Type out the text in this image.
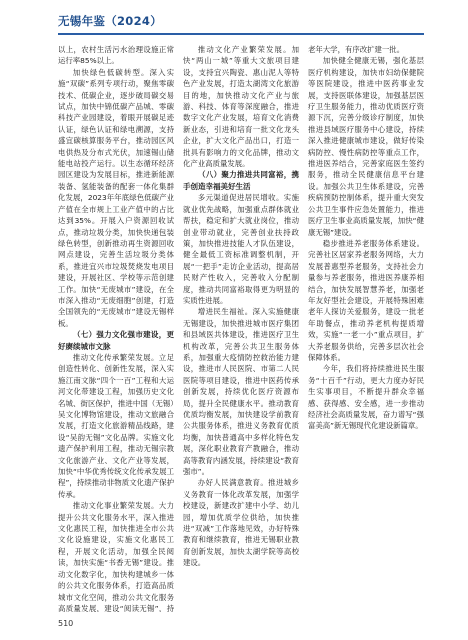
无锡年鉴（2024）

以上，农村生活污水治理设施正常运行率85%以上。

加快绿色低碳转型。深入实施“双碳”系列专项行动，聚焦零碳技术、低碳企业，逐步破局碳交易试点，加快中锦低碳产品城、零碳科技产业园建设，着眼开展碳足迹认证，绿色认证和绿电溯源，支持盛宜碳核算服务平台，推动园区风电供热及分布式光伏，加速锡山储能电站投产运行。以生态循环经济园区建设为发展目标，推进新能源装备、氢能装备的配套一体化集群化发展，2023年年底绿色低碳产业产值在全市规上工业产值中的占比达到35%。开展入户资源回收试点，推动垃圾分类，加快快递包装绿色转型，创新推动再生资源回收网点建设，完善生活垃圾分类体系，推进宜兴市垃圾焚烧发电项目建设，开展社区、学校等示范创建工作。加快“无废城市”建设，在全市深入推动“无废细胞”创建，打造全国领先的“无废城市”建设无锡样板。

（七）强力文化强市建设，更好赓续城市文脉

推动文化传承繁荣发展。立足创造性转化、创新性发展，深入实施江南文脉“四个一百”工程和大运河文化带建设工程，加强历史文化名城、街区保护，推进中国（无锡）吴文化博物馆建设，推动文旅融合发展，打造文化旅游精品线路，建设“吴韵无锡”文化品牌。实施文化遗产保护利用工程，推动无锡宗教文化旅游产业、文化产业等发展，加快“中华优秀传统文化传承发展工程”，持续推动非物质文化遗产保护传承。

推动文化事业繁荣发展。大力提升公共文化服务水平，深入推进文化惠民工程，加快推进全市公共文化设施建设，实施文化惠民工程，开展文化活动，加强全民阅读，加快实施“书香无锡”建设。推动文化数字化，加快构建城乡一体的公共文化服务体系，打造高品质城市文化空间，推动公共文化服务高质量发展，建设“阅读无锡”，持

推动文化产业繁荣发展。加快“两山一城”等重大文旅项目建设，支持宜兴陶瓷、惠山泥人等特色产业发展，打造太湖湾文化旅游目的地，加快推动文化产业与旅游、科技、体育等深度融合，推进数字文化产业发展，培育文化消费新业态，引进和培育一批文化龙头企业，扩大文化产品出口，打造一批具有影响力的文化品牌，推动文化产业高质量发展。

（八）聚力推进共同富裕，携手创造幸福美好生活

多元渠道促进居民增收。实施就业优先战略，加强重点群体就业帮扶，稳定和扩大就业岗位，推动创业带动就业，完善创业扶持政策，加快推进技能人才队伍建设，健全最低工资标准调整机制，开展“一把手”走访企业活动，提高居民财产性收入，完善收入分配制度，推动共同富裕取得更为明显的实质性进展。

增进民生福祉。深入实施健康无锡建设，加快推进城市医疗集团和县域医共体建设，推进医疗卫生机构改革，完善公共卫生服务体系，加强重大疫情防控救治能力建设，推进市人民医院、市第二人民医院等项目建设，推进中医药传承创新发展，持续优化医疗资源布局，提升全民健康水平。推动教育优质均衡发展，加快建设学前教育公共服务体系，推进义务教育优质均衡，加快普通高中多样化特色发展，深化职业教育产教融合，推动高等教育内涵发展，持续建设“教育强市”。

办好人民满意教育。推进城乡义务教育一体化改革发展，加强学校建设，新建改扩建中小学、幼儿园，增加优质学位供给，加快推进“双减”工作落地见效，办好特殊教育和继续教育，推进无锡职业教育创新发展，加快太湖学院等高校建设。

老年大学，有序改扩建一批。

加快健全健康无锡，强化基层医疗机构建设，加快市妇幼保健院等医院建设，推进中医药事业发展，支持医联体建设，加强基层医疗卫生服务能力，推动优质医疗资源下沉，完善分级诊疗制度，加快推进县域医疗服务中心建设，持续深入推进健康城市建设，做好传染病防控、慢性病防控等重点工作，推进医养结合，完善家庭医生签约服务，推动全民健康信息平台建设。加强公共卫生体系建设，完善疾病预防控制体系，提升重大突发公共卫生事件应急处置能力，推进医疗卫生事业高质量发展，加快“健康无锡”建设。

稳步推进养老服务体系建设。完善社区居家养老服务网络，大力发展普惠型养老服务，支持社会力量参与养老服务，推进医养康养相结合，加快发展智慧养老，加强老年友好型社会建设，开展特殊困难老年人探访关爱服务，建设一批老年助餐点，推动养老机构提质增效，实施“一老一小”重点项目，扩大养老服务供给，完善多层次社会保障体系。

今年，我们将持续推进民生服务“十百千”行动，更大力度办好民生实事项目，不断提升群众幸福感、获得感、安全感，进一步推动经济社会高质量发展，奋力谱写“强富美高”新无锡现代化建设新篇章。

510
